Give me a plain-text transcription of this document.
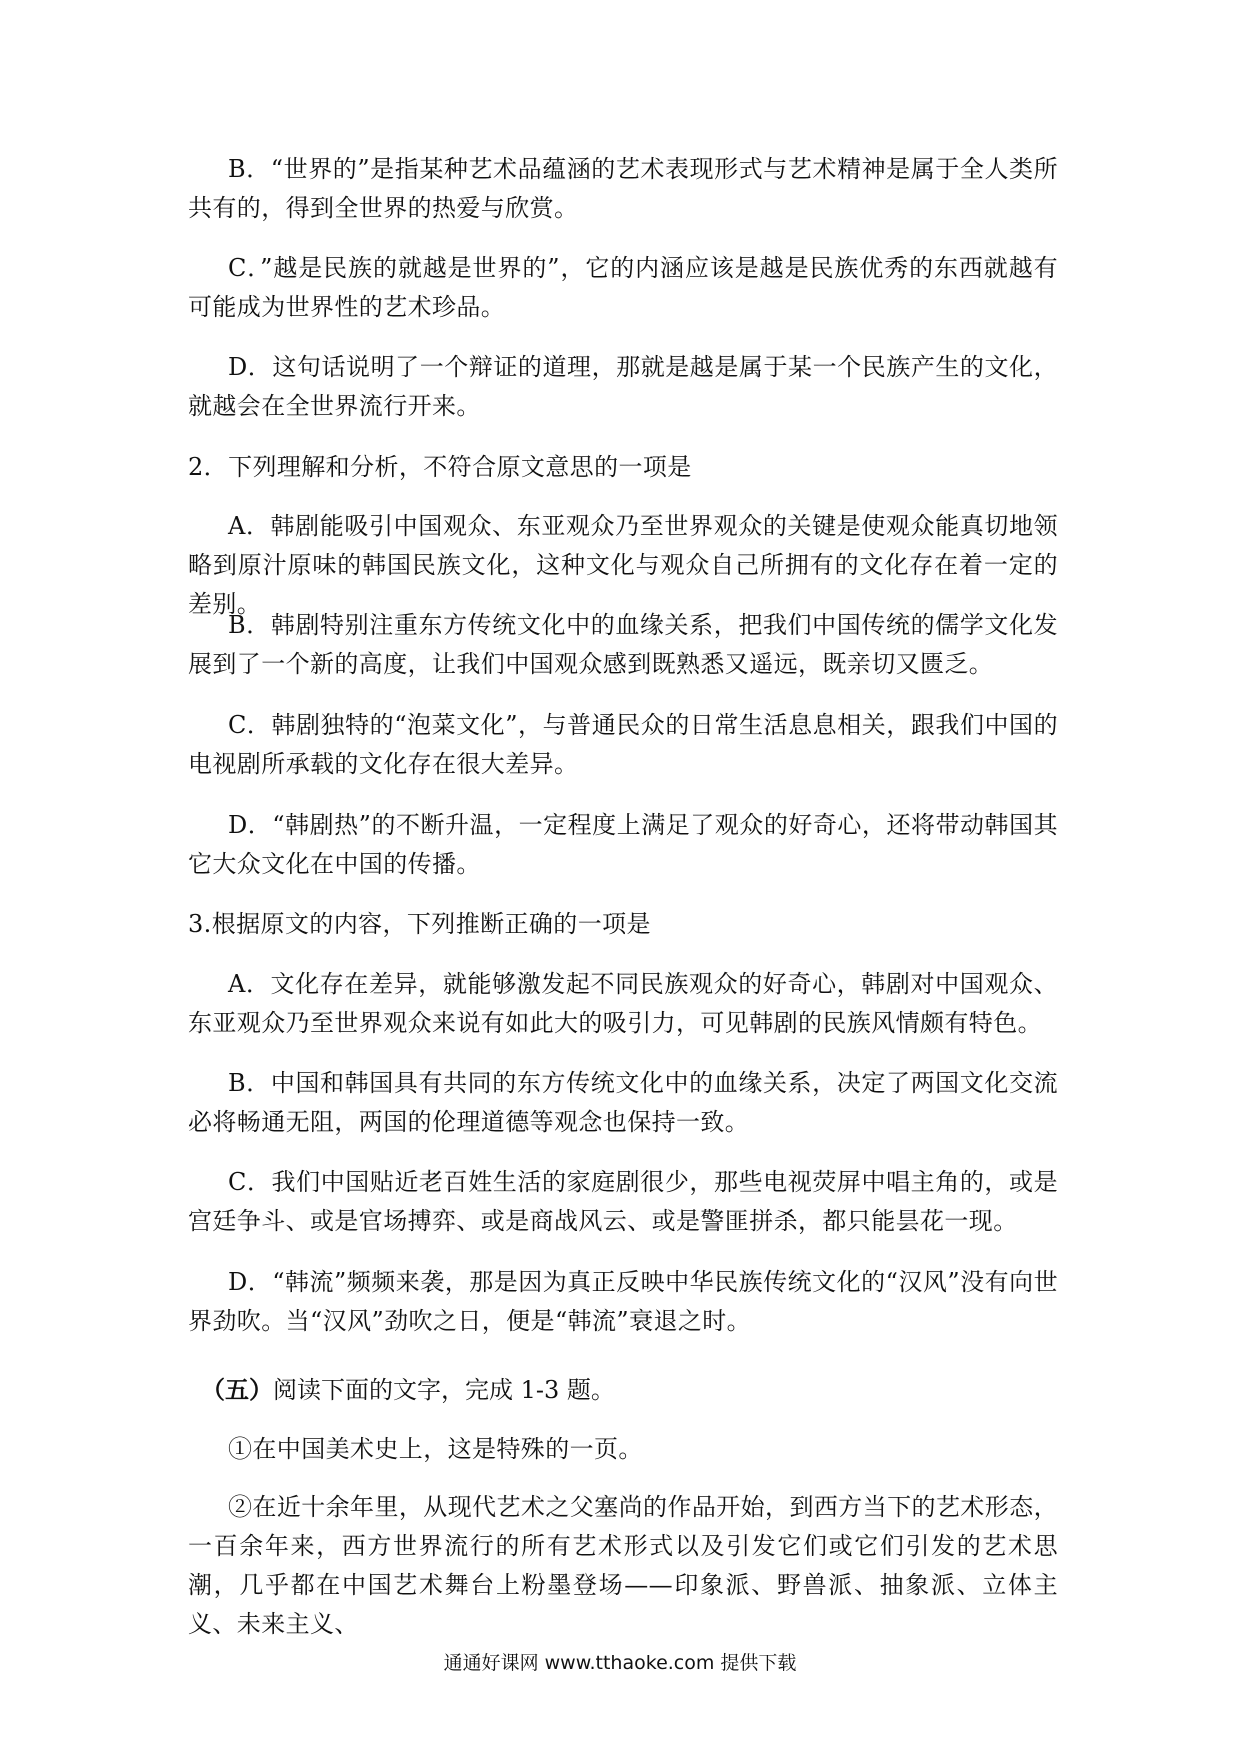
B．“世界的”是指某种艺术品蕴涵的艺术表现形式与艺术精神是属于全人类所共有的，得到全世界的热爱与欣赏。

C．”越是民族的就越是世界的”，它的内涵应该是越是民族优秀的东西就越有可能成为世界性的艺术珍品。

D．这句话说明了一个辩证的道理，那就是越是属于某一个民族产生的文化，就越会在全世界流行开来。

2．下列理解和分析，不符合原文意思的一项是

A．韩剧能吸引中国观众、东亚观众乃至世界观众的关键是使观众能真切地领略到原汁原味的韩国民族文化，这种文化与观众自己所拥有的文化存在着一定的差别。

B．韩剧特别注重东方传统文化中的血缘关系，把我们中国传统的儒学文化发展到了一个新的高度，让我们中国观众感到既熟悉又遥远，既亲切又匮乏。

C．韩剧独特的“泡菜文化”，与普通民众的日常生活息息相关，跟我们中国的电视剧所承载的文化存在很大差异。

D．“韩剧热”的不断升温，一定程度上满足了观众的好奇心，还将带动韩国其它大众文化在中国的传播。

3.根据原文的内容，下列推断正确的一项是

A．文化存在差异，就能够激发起不同民族观众的好奇心，韩剧对中国观众、东亚观众乃至世界观众来说有如此大的吸引力，可见韩剧的民族风情颇有特色。

B．中国和韩国具有共同的东方传统文化中的血缘关系，决定了两国文化交流必将畅通无阻，两国的伦理道德等观念也保持一致。

C．我们中国贴近老百姓生活的家庭剧很少，那些电视荧屏中唱主角的，或是宫廷争斗、或是官场搏弈、或是商战风云、或是警匪拼杀，都只能昙花一现。

D．“韩流”频频来袭，那是因为真正反映中华民族传统文化的“汉风”没有向世界劲吹。当“汉风”劲吹之日，便是“韩流”衰退之时。

（五）阅读下面的文字，完成 1-3 题。

①在中国美术史上，这是特殊的一页。

②在近十余年里，从现代艺术之父塞尚的作品开始，到西方当下的艺术形态，一百余年来，西方世界流行的所有艺术形式以及引发它们或它们引发的艺术思潮，几乎都在中国艺术舞台上粉墨登场——印象派、野兽派、抽象派、立体主义、未来主义、

通通好课网 www.tthaoke.com 提供下载
